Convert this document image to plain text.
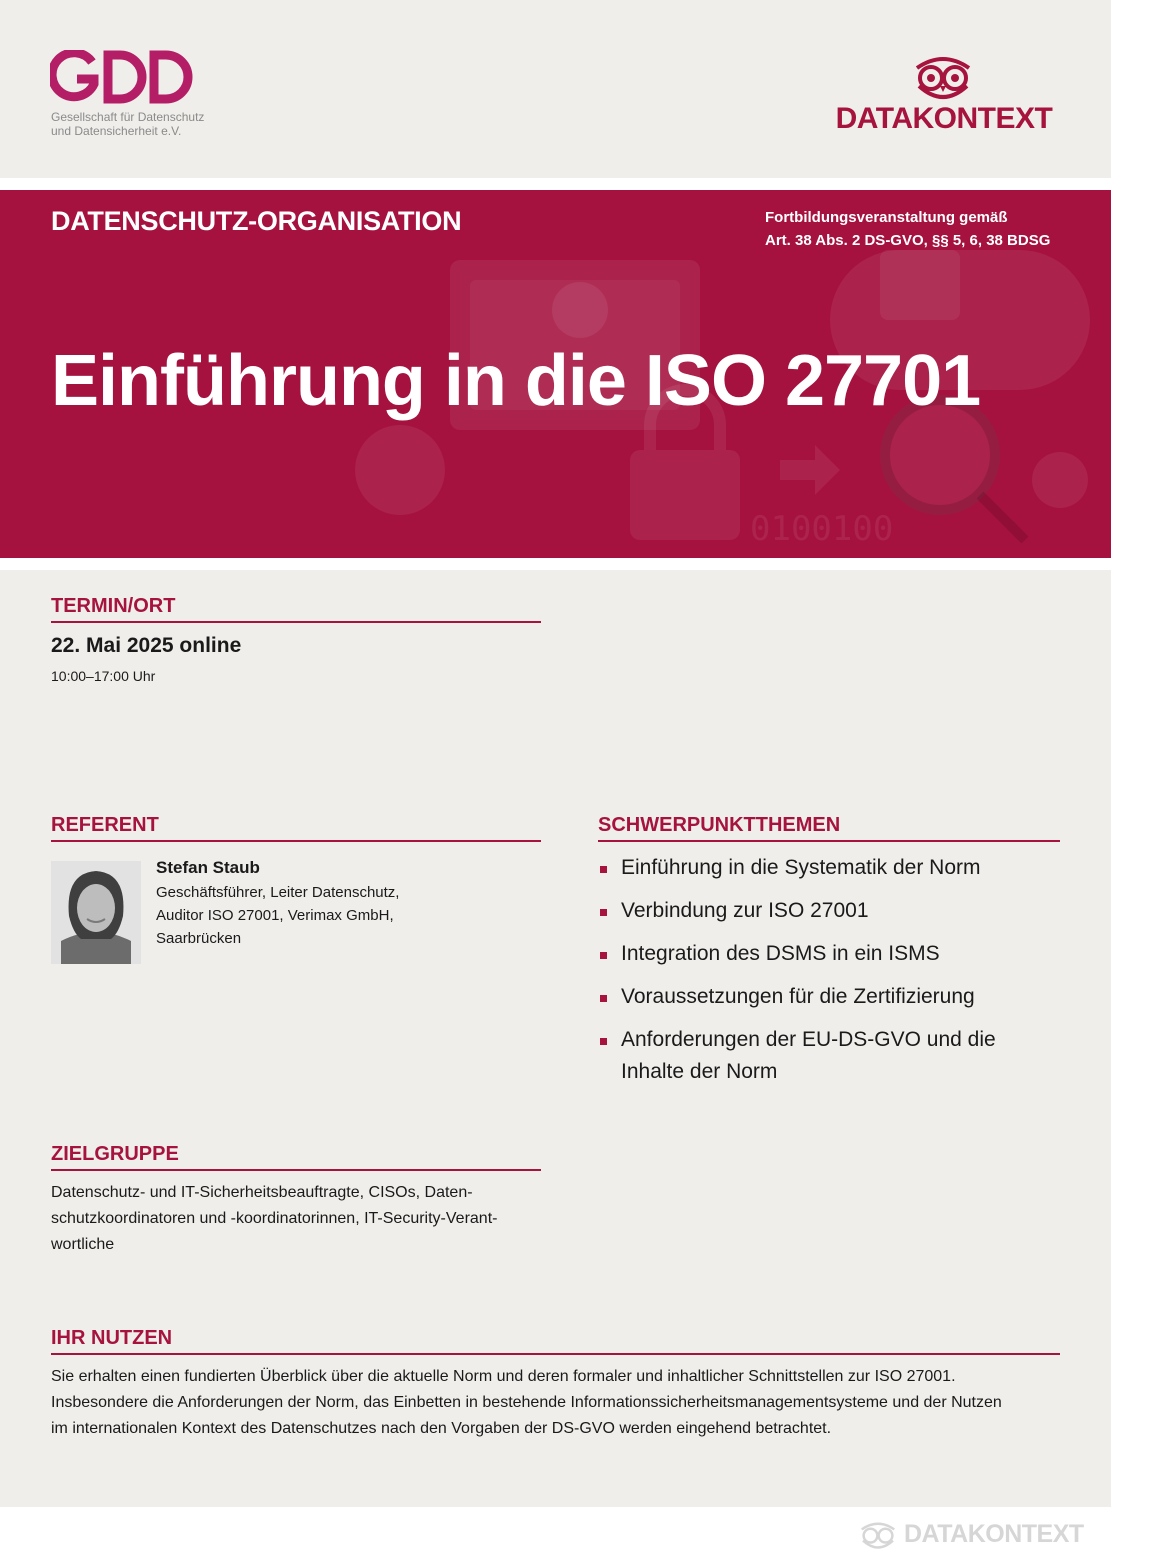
Gesellschaft für Datenschutz
und Datensicherheit e.V.	DATAKONTEXT
0100100
DATENSCHUTZ-ORGANISATION	Fortbildungsveranstaltung gemäß
Art. 38 Abs. 2 DS-GVO, §§ 5, 6, 38 BDSG
Einführung in die ISO 27701
TERMIN/ORT
22. Mai 2025 online
10:00–17:00 Uhr
REFERENT
Stefan Staub
Geschäftsführer, Leiter Datenschutz,
Auditor ISO 27001, Verimax GmbH,
Saarbrücken
SCHWERPUNKTTHEMEN
Einführung in die Systematik der Norm
Verbindung zur ISO 27001
Integration des DSMS in ein ISMS
Voraussetzungen für die Zertifizierung
Anforderungen der EU-DS-GVO und die Inhalte der Norm
ZIELGRUPPE
Datenschutz- und IT-Sicherheitsbeauftragte, CISOs, Daten-
schutzkoordinatoren und -koordinatorinnen, IT-Security-Verant-
wortliche
IHR NUTZEN
Sie erhalten einen fundierten Überblick über die aktuelle Norm und deren formaler und inhaltlicher Schnittstellen zur ISO 27001.
Insbesondere die Anforderungen der Norm, das Einbetten in bestehende Informationssicherheitsmanagementsysteme und der Nutzen
im internationalen Kontext des Datenschutzes nach den Vorgaben der DS-GVO werden eingehend betrachtet.
DATAKONTEXT
